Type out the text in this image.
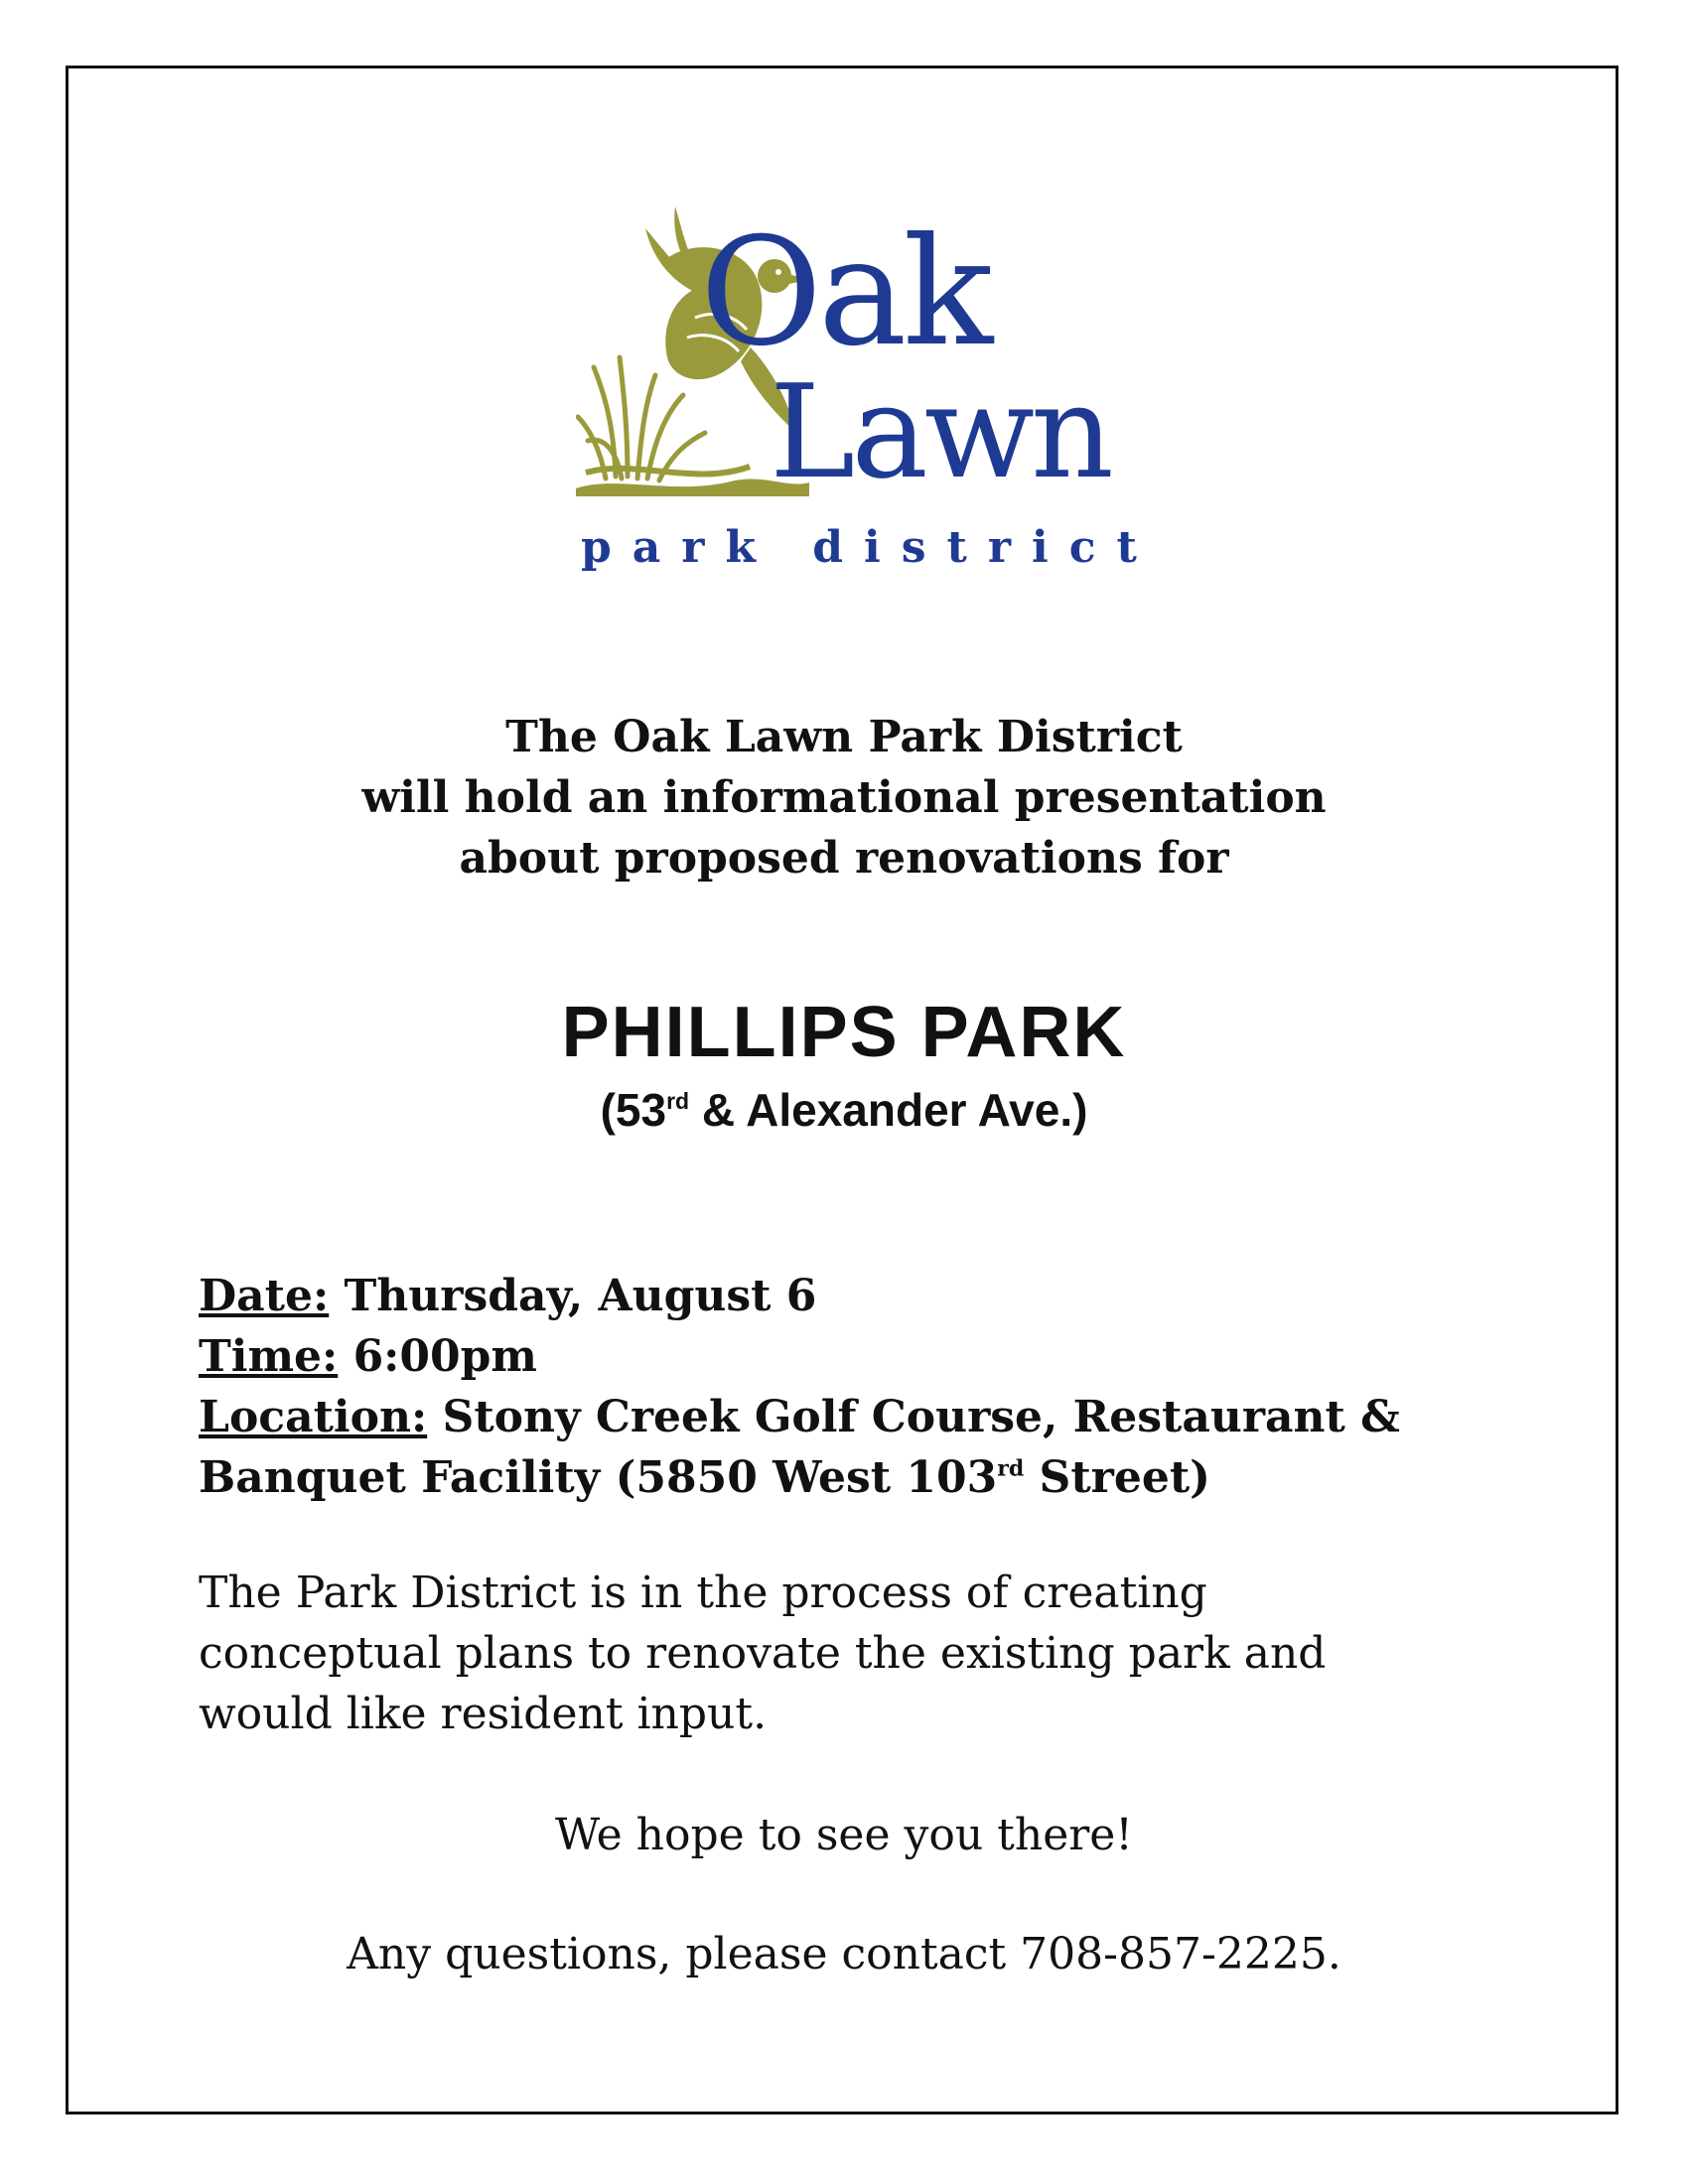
Oak
Lawn
park district
The Oak Lawn Park District
will hold an informational presentation
about proposed renovations for
PHILLIPS PARK
(53rd & Alexander Ave.)
Date: Thursday, August 6
Time: 6:00pm
Location: Stony Creek Golf Course, Restaurant &
Banquet Facility (5850 West 103rd Street)
The Park District is in the process of creating
conceptual plans to renovate the existing park and
would like resident input.
We hope to see you there!
Any questions, please contact 708-857-2225.
